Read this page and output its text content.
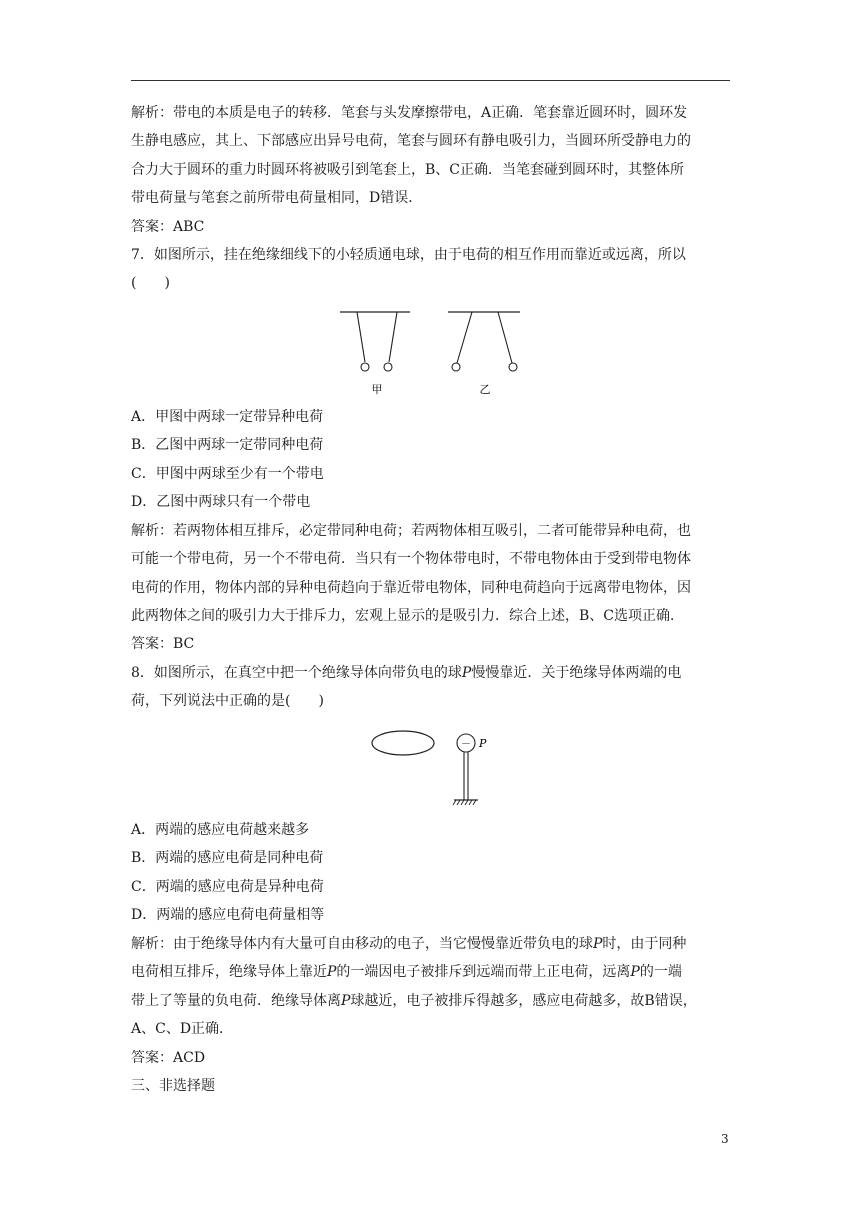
解析：带电的本质是电子的转移．笔套与头发摩擦带电，A正确．笔套靠近圆环时，圆环发
生静电感应，其上、下部感应出异号电荷，笔套与圆环有静电吸引力，当圆环所受静电力的
合力大于圆环的重力时圆环将被吸引到笔套上，B、C正确．当笔套碰到圆环时，其整体所
带电荷量与笔套之前所带电荷量相同，D错误．
答案：ABC
7．如图所示，挂在绝缘细线下的小轻质通电球，由于电荷的相互作用而靠近或远离，所以
(　　)
甲	乙
A．甲图中两球一定带异种电荷
B．乙图中两球一定带同种电荷
C．甲图中两球至少有一个带电
D．乙图中两球只有一个带电
解析：若两物体相互排斥，必定带同种电荷；若两物体相互吸引，二者可能带异种电荷，也
可能一个带电荷，另一个不带电荷．当只有一个物体带电时，不带电物体由于受到带电物体
电荷的作用，物体内部的异种电荷趋向于靠近带电物体，同种电荷趋向于远离带电物体，因
此两物体之间的吸引力大于排斥力，宏观上显示的是吸引力．综合上述，B、C选项正确．
答案：BC
8．如图所示，在真空中把一个绝缘导体向带负电的球P慢慢靠近．关于绝缘导体两端的电
荷，下列说法中正确的是(　　)
－ P
A．两端的感应电荷越来越多
B．两端的感应电荷是同种电荷
C．两端的感应电荷是异种电荷
D．两端的感应电荷电荷量相等
解析：由于绝缘导体内有大量可自由移动的电子，当它慢慢靠近带负电的球P时，由于同种
电荷相互排斥，绝缘导体上靠近P的一端因电子被排斥到远端而带上正电荷，远离P的一端
带上了等量的负电荷．绝缘导体离P球越近，电子被排斥得越多，感应电荷越多，故B错误，
A、C、D正确．
答案：ACD
三、非选择题
3
